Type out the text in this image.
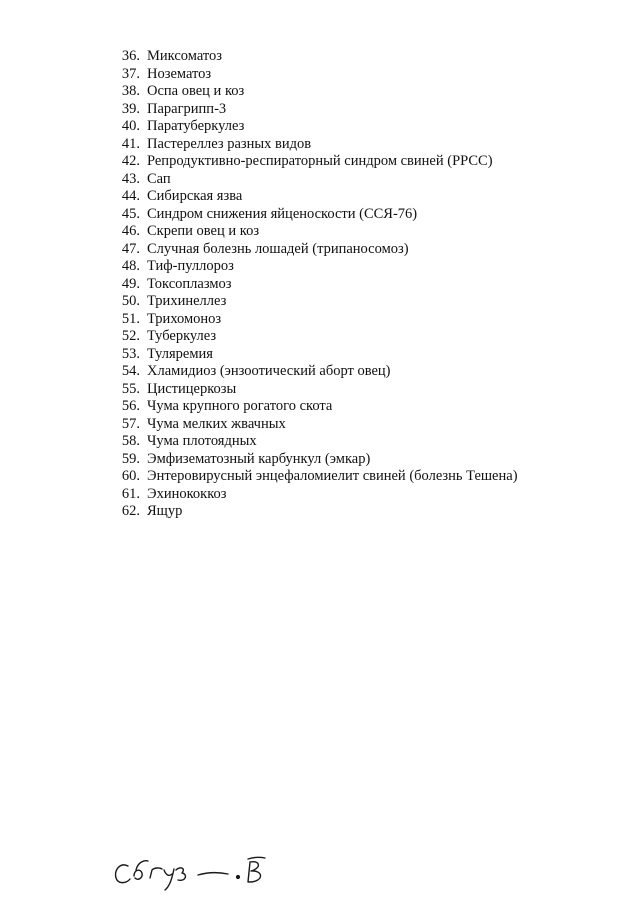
36. Миксоматоз
37. Нозематоз
38. Оспа овец и коз
39. Парагрипп-3
40. Паратуберкулез
41. Пастереллез разных видов
42. Репродуктивно-респираторный синдром свиней (РРСС)
43. Сап
44. Сибирская язва
45. Синдром снижения яйценоскости (ССЯ-76)
46. Скрепи овец и коз
47. Случная болезнь лошадей (трипаносомоз)
48. Тиф-пуллороз
49. Токсоплазмоз
50. Трихинеллез
51. Трихомоноз
52. Туберкулез
53. Туляремия
54. Хламидиоз (энзоотический аборт овец)
55. Цистицеркозы
56. Чума крупного рогатого скота
57. Чума мелких жвачных
58. Чума плотоядных
59. Эмфизематозный карбункул (эмкар)
60. Энтеровирусный энцефаломиелит свиней (болезнь Тешена)
61. Эхинококкоз
62. Ящур
